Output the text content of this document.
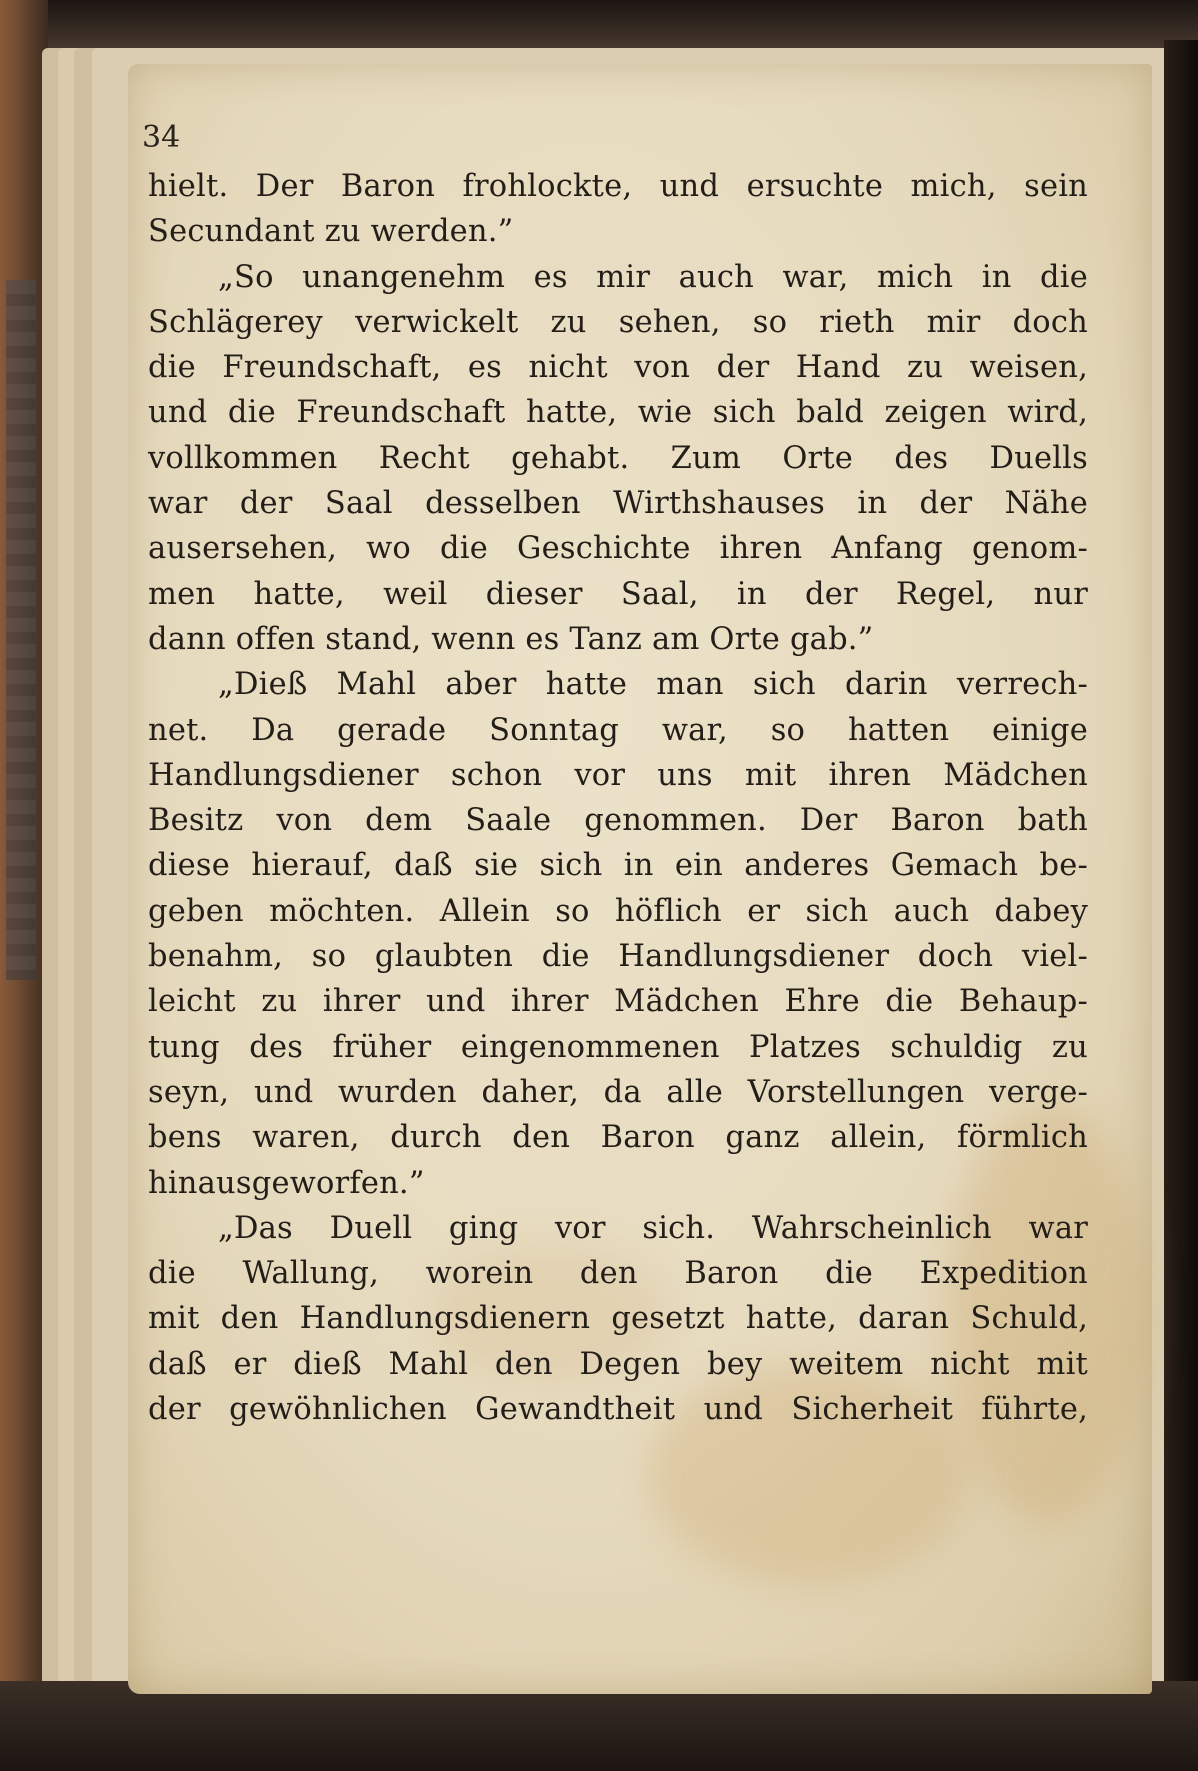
34
hielt. Der Baron frohlockte, und ersuchte mich, sein
Secundant zu werden.”
„So unangenehm es mir auch war, mich in die
Schlägerey verwickelt zu sehen, so rieth mir doch
die Freundschaft, es nicht von der Hand zu weisen,
und die Freundschaft hatte, wie sich bald zeigen wird,
vollkommen Recht gehabt. Zum Orte des Duells
war der Saal desselben Wirthshauses in der Nähe
ausersehen, wo die Geschichte ihren Anfang genom-
men hatte, weil dieser Saal, in der Regel, nur
dann offen stand, wenn es Tanz am Orte gab.”
„Dieß Mahl aber hatte man sich darin verrech-
net. Da gerade Sonntag war, so hatten einige
Handlungsdiener schon vor uns mit ihren Mädchen
Besitz von dem Saale genommen. Der Baron bath
diese hierauf, daß sie sich in ein anderes Gemach be-
geben möchten. Allein so höflich er sich auch dabey
benahm, so glaubten die Handlungsdiener doch viel-
leicht zu ihrer und ihrer Mädchen Ehre die Behaup-
tung des früher eingenommenen Platzes schuldig zu
seyn, und wurden daher, da alle Vorstellungen verge-
bens waren, durch den Baron ganz allein, förmlich
hinausgeworfen.”
„Das Duell ging vor sich. Wahrscheinlich war
die Wallung, worein den Baron die Expedition
mit den Handlungsdienern gesetzt hatte, daran Schuld,
daß er dieß Mahl den Degen bey weitem nicht mit
der gewöhnlichen Gewandtheit und Sicherheit führte,
